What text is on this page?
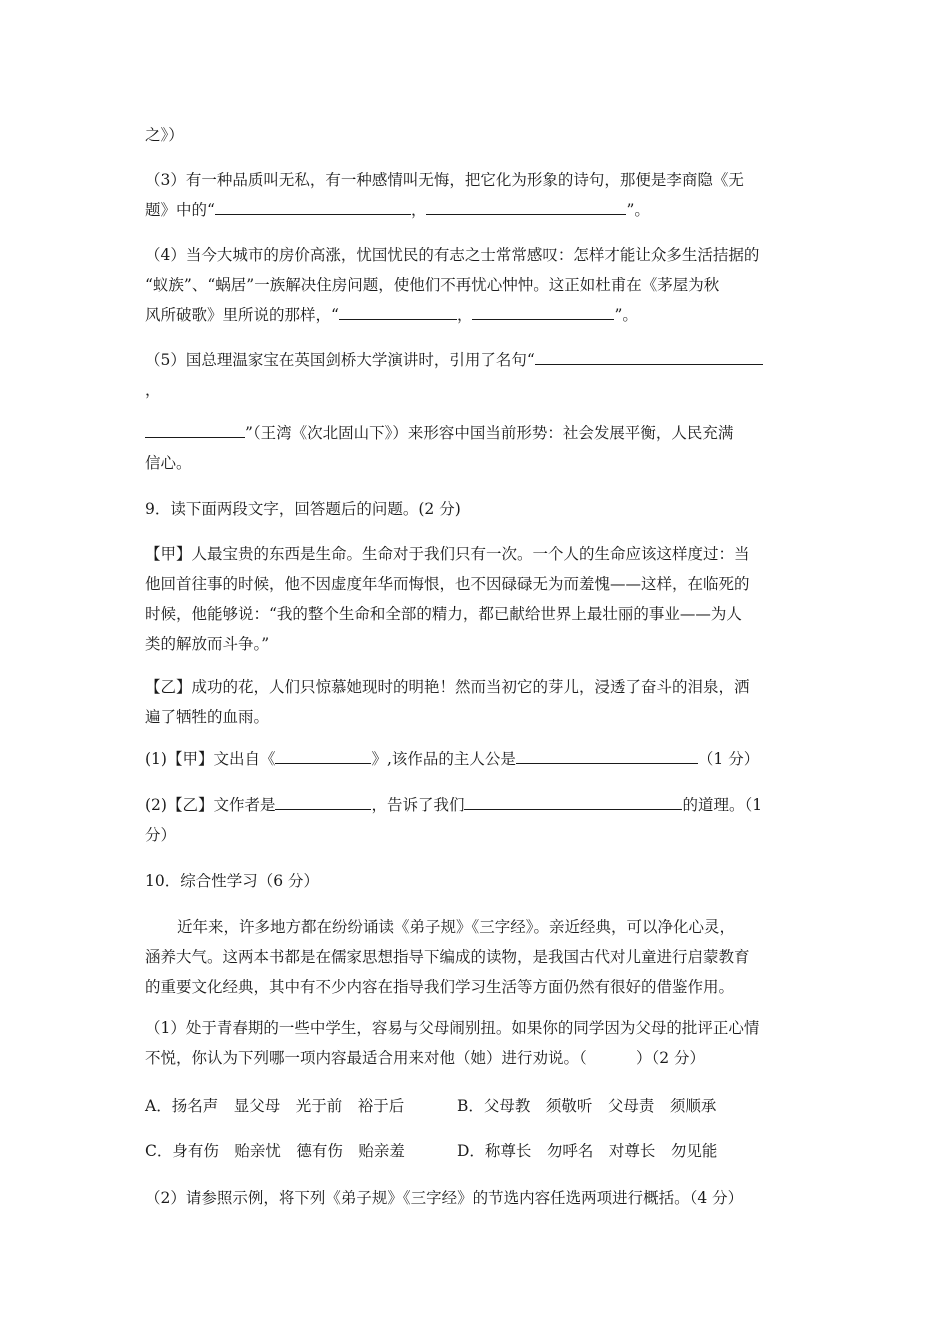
之》）

（3）有一种品质叫无私，有一种感情叫无悔，把它化为形象的诗句，那便是李商隐《无
题》中的“	，	”。

（4）当今大城市的房价高涨，忧国忧民的有志之士常常感叹：怎样才能让众多生活拮据的
“蚁族”、“蜗居”一族解决住房问题，使他们不再忧心忡忡。这正如杜甫在《茅屋为秋
风所破歌》里所说的那样，“	，	”。

（5）国总理温家宝在英国剑桥大学演讲时，引用了名句“
，

”（王湾《次北固山下》）来形容中国当前形势：社会发展平衡，人民充满
信心。

9．读下面两段文字，回答题后的问题。(2 分)

【甲】人最宝贵的东西是生命。生命对于我们只有一次。一个人的生命应该这样度过：当
他回首往事的时候，他不因虚度年华而悔恨，也不因碌碌无为而羞愧——这样，在临死的
时候，他能够说：“我的整个生命和全部的精力，都已献给世界上最壮丽的事业——为人
类的解放而斗争。”

【乙】成功的花，人们只惊慕她现时的明艳！然而当初它的芽儿，浸透了奋斗的泪泉，洒
遍了牺牲的血雨。

(1)【甲】文出自《	》,该作品的主人公是	（1 分）

(2)【乙】文作者是	，告诉了我们	的道理。（1
分）

10．综合性学习（6 分）

近年来，许多地方都在纷纷诵读《弟子规》《三字经》。亲近经典，可以净化心灵，
涵养大气。这两本书都是在儒家思想指导下编成的读物，是我国古代对儿童进行启蒙教育
的重要文化经典，其中有不少内容在指导我们学习生活等方面仍然有很好的借鉴作用。

（1）处于青春期的一些中学生，容易与父母闹别扭。如果你的同学因为父母的批评正心情
不悦，你认为下列哪一项内容最适合用来对他（她）进行劝说。（          ）（2 分）

A．扬名声　显父母　光于前　裕于后	B．父母教　须敬听　父母责　须顺承

C．身有伤　贻亲忧　德有伤　贻亲羞	D．称尊长　勿呼名　对尊长　勿见能

（2）请参照示例，将下列《弟子规》《三字经》的节选内容任选两项进行概括。（4 分）
